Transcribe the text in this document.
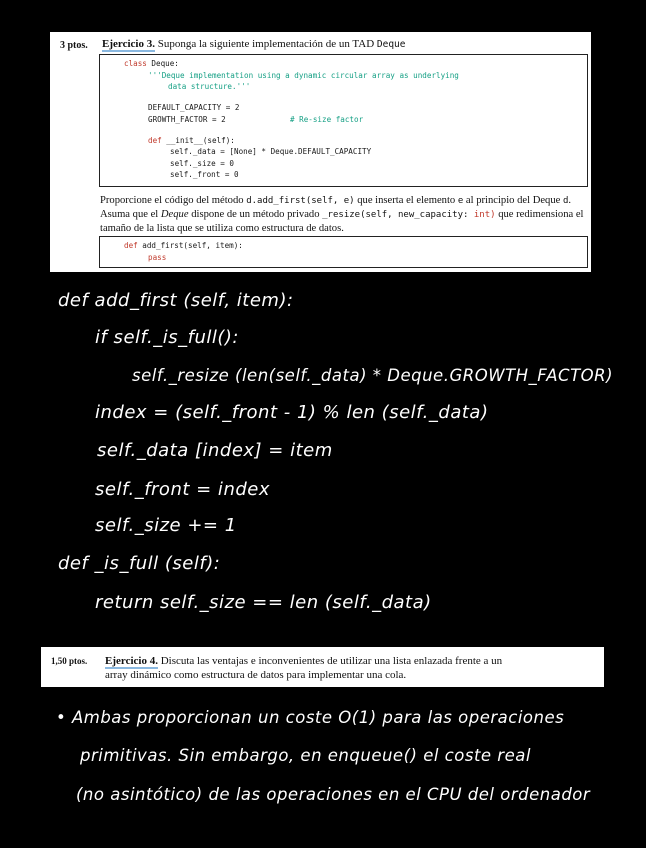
3 ptos. Ejercicio 3. Suponga la siguiente implementación de un TAD Deque
class Deque:
'''Deque implementation using a dynamic circular array as underlying
data structure.'''
DEFAULT_CAPACITY = 2
GROWTH_FACTOR = 2	# Re-size factor
def __init__(self):
self._data = [None] * Deque.DEFAULT_CAPACITY
self._size = 0
self._front = 0
Proporcione el código del método d.add_first(self, e) que inserta el elemento e al principio del Deque d. Asuma que el Deque dispone de un método privado _resize(self, new_capacity: int) que redimensiona el tamaño de la lista que se utiliza como estructura de datos.
def add_first(self, item):
pass
def add_first (self, item):
if self._is_full():
self._resize (len(self._data) * Deque.GROWTH_FACTOR)
index = (self._front - 1) % len (self._data)
self._data [index] = item
self._front = index
self._size += 1
def _is_full (self):
return self._size == len (self._data)
1,50 ptos. Ejercicio 4. Discuta las ventajas e inconvenientes de utilizar una lista enlazada frente a un
array dinámico como estructura de datos para implementar una cola.
• Ambas proporcionan un coste O(1) para las operaciones
primitivas. Sin embargo, en enqueue() el coste real
(no asintótico) de las operaciones en el CPU del ordenador
